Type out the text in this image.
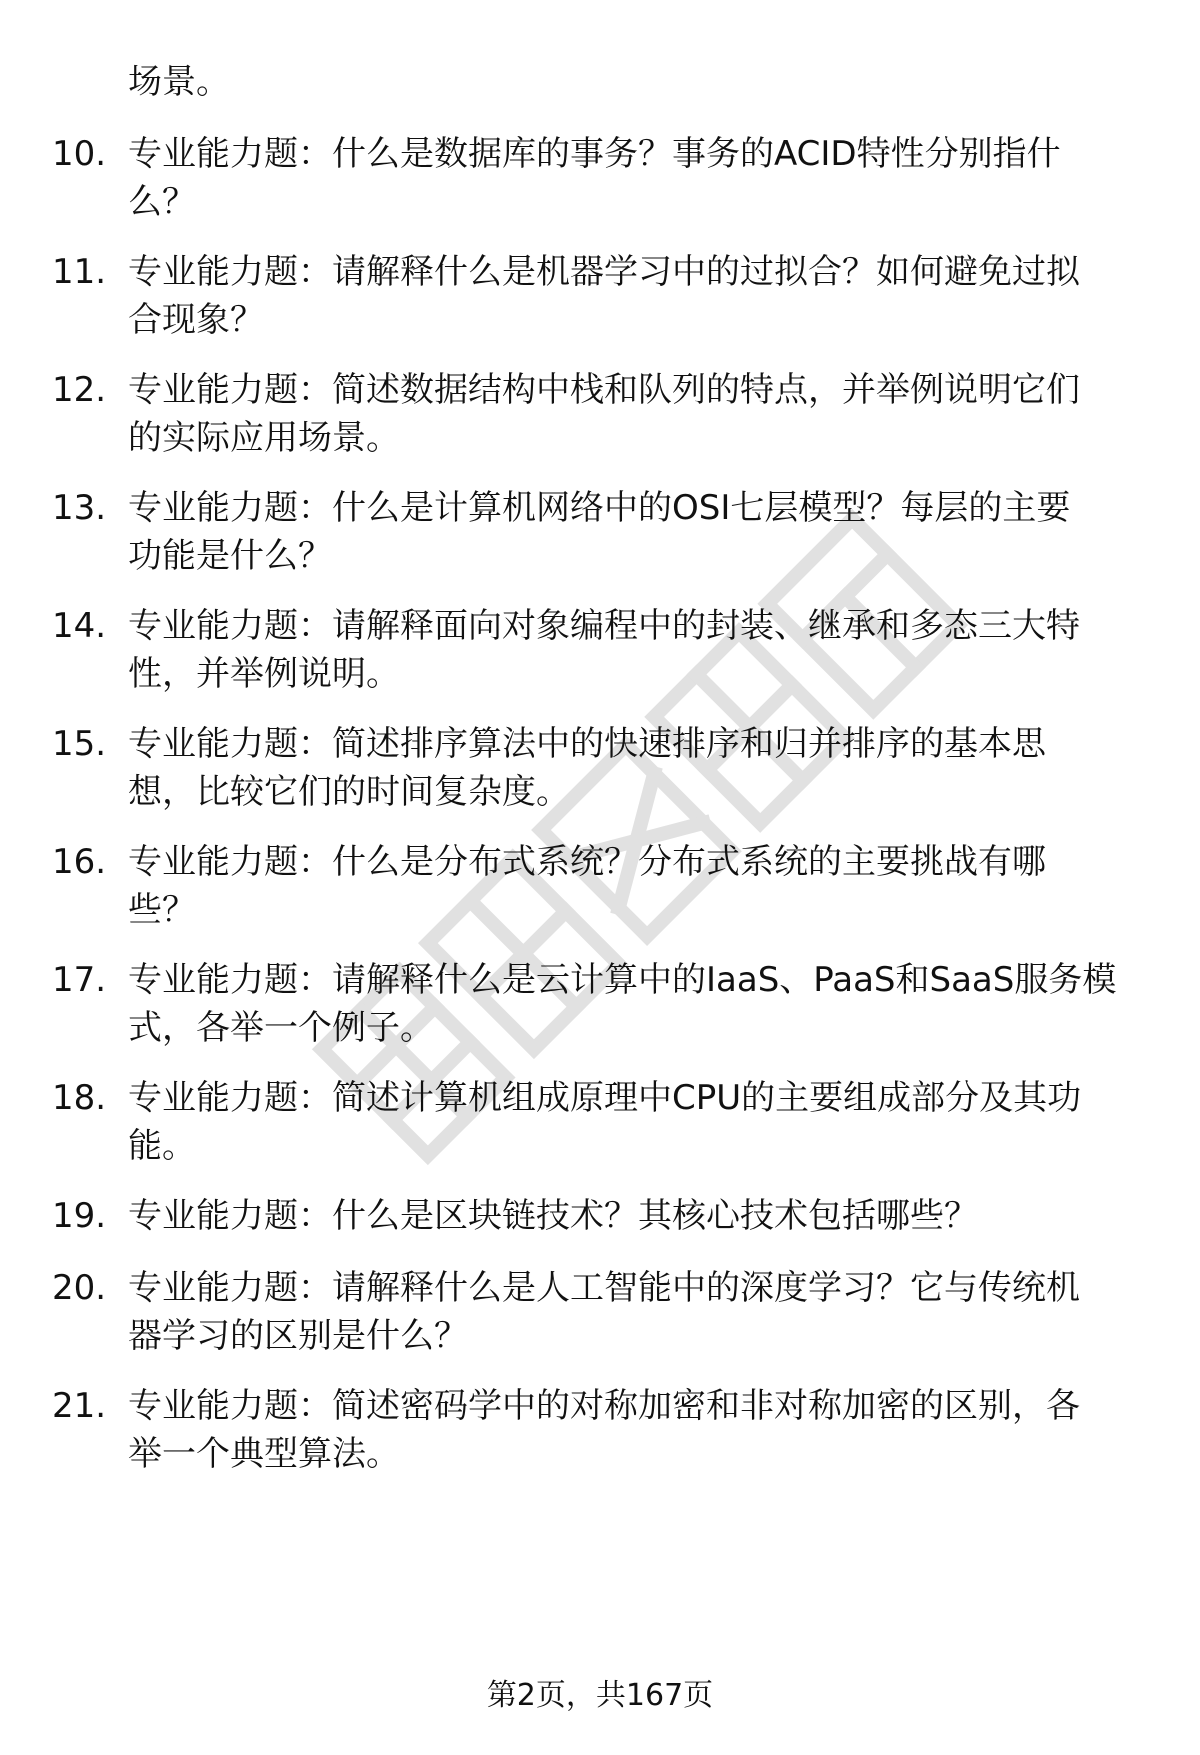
场景。
10. 专业能力题：什么是数据库的事务？事务的ACID特性分别指什
么？
11. 专业能力题：请解释什么是机器学习中的过拟合？如何避免过拟
合现象？
12. 专业能力题：简述数据结构中栈和队列的特点，并举例说明它们
的实际应用场景。
13. 专业能力题：什么是计算机网络中的OSI七层模型？每层的主要
功能是什么？
14. 专业能力题：请解释面向对象编程中的封装、继承和多态三大特
性，并举例说明。
15. 专业能力题：简述排序算法中的快速排序和归并排序的基本思
想，比较它们的时间复杂度。
16. 专业能力题：什么是分布式系统？分布式系统的主要挑战有哪
些？
17. 专业能力题：请解释什么是云计算中的IaaS、PaaS和SaaS服务模
式，各举一个例子。
18. 专业能力题：简述计算机组成原理中CPU的主要组成部分及其功
能。
19. 专业能力题：什么是区块链技术？其核心技术包括哪些？
20. 专业能力题：请解释什么是人工智能中的深度学习？它与传统机
器学习的区别是什么？
21. 专业能力题：简述密码学中的对称加密和非对称加密的区别，各
举一个典型算法。
第2页，共167页
